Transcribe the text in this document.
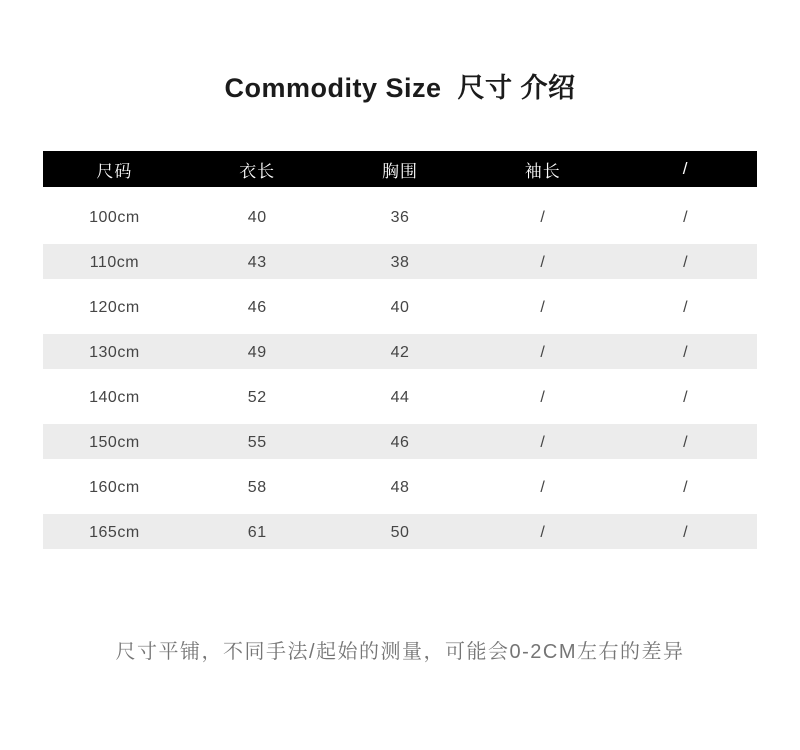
Commodity Size  尺寸 介绍
尺码	衣长	胸围	袖长	/
100cm	40	36	/	/
110cm	43	38	/	/
120cm	46	40	/	/
130cm	49	42	/	/
140cm	52	44	/	/
150cm	55	46	/	/
160cm	58	48	/	/
165cm	61	50	/	/

尺寸平铺，不同手法/起始的测量，可能会0-2CM左右的差异
